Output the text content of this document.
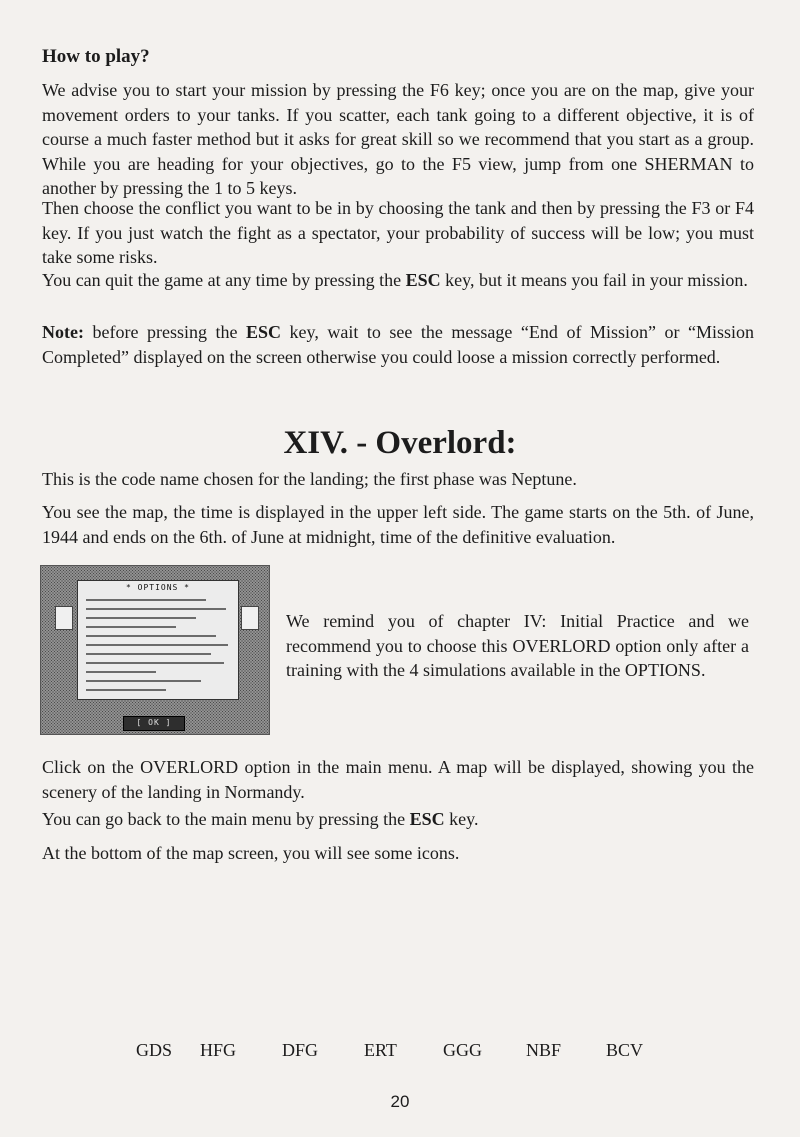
How to play?

We advise you to start your mission by pressing the F6 key; once you are on the map, give your movement orders to your tanks. If you scatter, each tank going to a different objective, it is of course a much faster method but it asks for great skill so we recommend that you start as a group. While you are heading for your objectives, go to the F5 view, jump from one SHERMAN to another by pressing the 1 to 5 keys.

Then choose the conflict you want to be in by choosing the tank and then by pressing the F3 or F4 key. If you just watch the fight as a spectator, your probability of success will be low; you must take some risks.

You can quit the game at any time by pressing the ESC key, but it means you fail in your mission.

Note: before pressing the ESC key, wait to see the message “End of Mission” or “Mission Completed” displayed on the screen otherwise you could loose a mission correctly performed.

XIV. - Overlord:

This is the code name chosen for the landing; the first phase was Neptune.

You see the map, the time is displayed in the upper left side. The game starts on the 5th. of June, 1944 and ends on the 6th. of June at midnight, time of the definitive evaluation.

* OPTIONS *
[ OK ]

We remind you of chapter IV: Initial Practice and we recommend you to choose this OVERLORD option only after a training with the 4 simulations available in the OPTIONS.

Click on the OVERLORD option in the main menu. A map will be displayed, showing you the scenery of the landing in Normandy.

You can go back to the main menu by pressing the ESC key.

At the bottom of the map screen, you will see some icons.

GDS HFG	DFG	ERT	GGG NBF BCV
20
